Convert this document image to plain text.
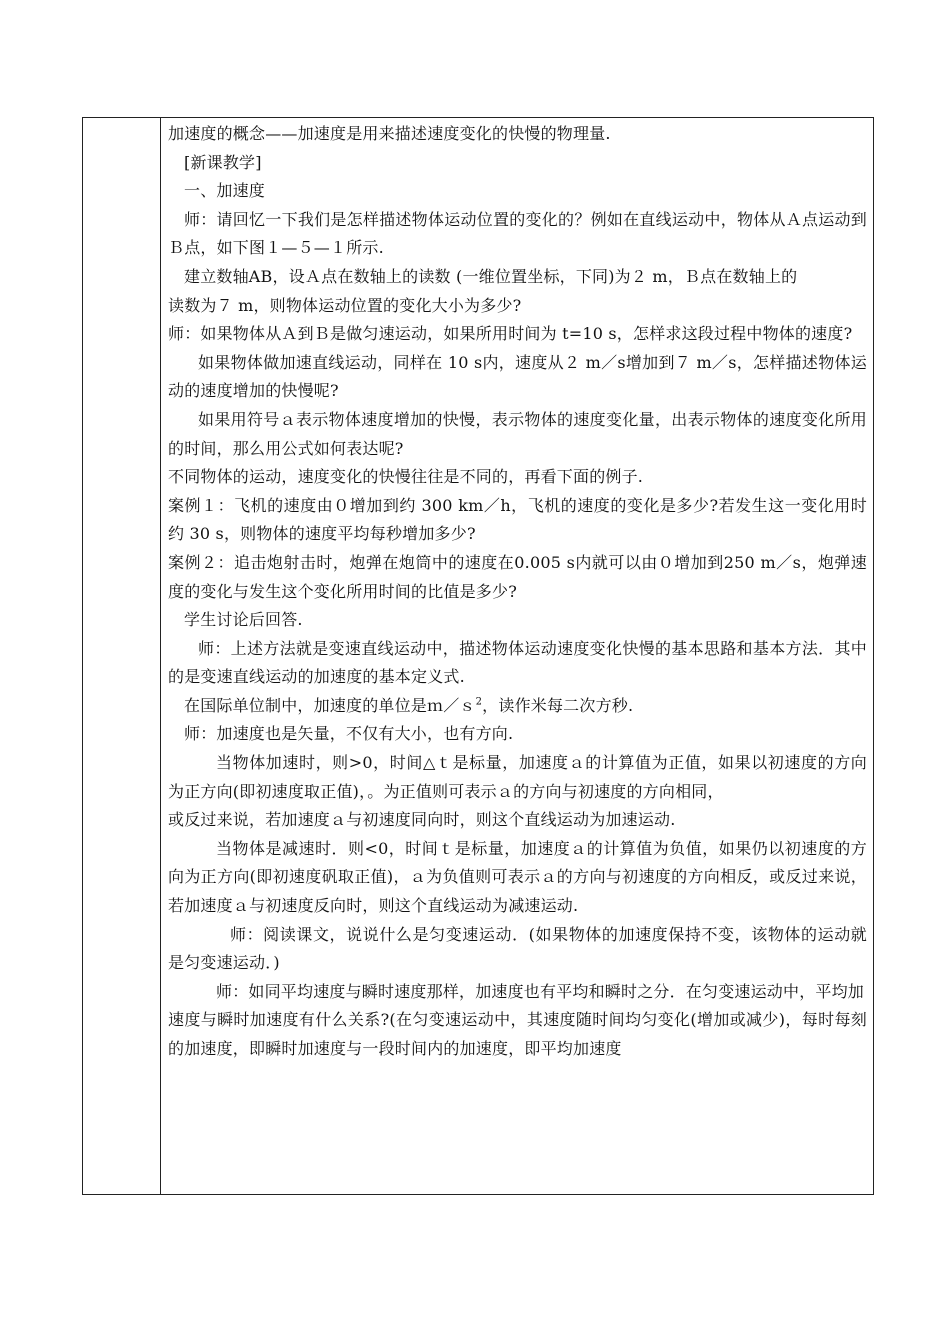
加速度的概念——加速度是用来描述速度变化的快慢的物理量.

[新课教学]

一、加速度

师：请回忆一下我们是怎样描述物体运动位置的变化的？例如在直线运动中，物体从Ａ点运动到Ｂ点，如下图１—５—１所示.

建立数轴AB，设Ａ点在数轴上的读数 (一维位置坐标，下同)为２ m，Ｂ点在数轴上的

读数为７ m，则物体运动位置的变化大小为多少?

师：如果物体从Ａ到Ｂ是做匀速运动，如果所用时间为 t=10 s，怎样求这段过程中物体的速度?

如果物体做加速直线运动，同样在 10 s内，速度从２ m／s增加到７ m／s，怎样描述物体运动的速度增加的快慢呢?

如果用符号ａ表示物体速度增加的快慢，表示物体的速度变化量，出表示物体的速度变化所用的时间，那么用公式如何表达呢?

不同物体的运动，速度变化的快慢往往是不同的，再看下面的例子.

案例１：飞机的速度由０增加到约 300 km／h，飞机的速度的变化是多少?若发生这一变化用时约 30 s，则物体的速度平均每秒增加多少?

案例２：追击炮射击时，炮弹在炮筒中的速度在0.005 s内就可以由０增加到250 m／s，炮弹速度的变化与发生这个变化所用时间的比值是多少?

学生讨论后回答.

师：上述方法就是变速直线运动中，描述物体运动速度变化快慢的基本思路和基本方法．其中的是变速直线运动的加速度的基本定义式.

在国际单位制中，加速度的单位是ｍ／ｓ$^2$，读作米每二次方秒.

师：加速度也是矢量，不仅有大小，也有方向.

当物体加速时，则>0，时间△ｔ是标量，加速度ａ的计算值为正值，如果以初速度的方向为正方向(即初速度取正值)，。为正值则可表示ａ的方向与初速度的方向相同，

或反过来说，若加速度ａ与初速度同向时，则这个直线运动为加速运动.

当物体是减速时．则<0，时间ｔ是标量，加速度ａ的计算值为负值，如果仍以初速度的方向为正方向(即初速度矾取正值)，ａ为负值则可表示ａ的方向与初速度的方向相反，或反过来说，若加速度ａ与初速度反向时，则这个直线运动为减速运动.

师：阅读课文，说说什么是匀变速运动．(如果物体的加速度保持不变，该物体的运动就是匀变速运动．)

师：如同平均速度与瞬时速度那样，加速度也有平均和瞬时之分．在匀变速运动中，平均加

速度与瞬时加速度有什么关系?(在匀变速运动中，其速度随时间均匀变化(增加或减少)，每时每刻的加速度，即瞬时加速度与一段时间内的加速度，即平均加速度
